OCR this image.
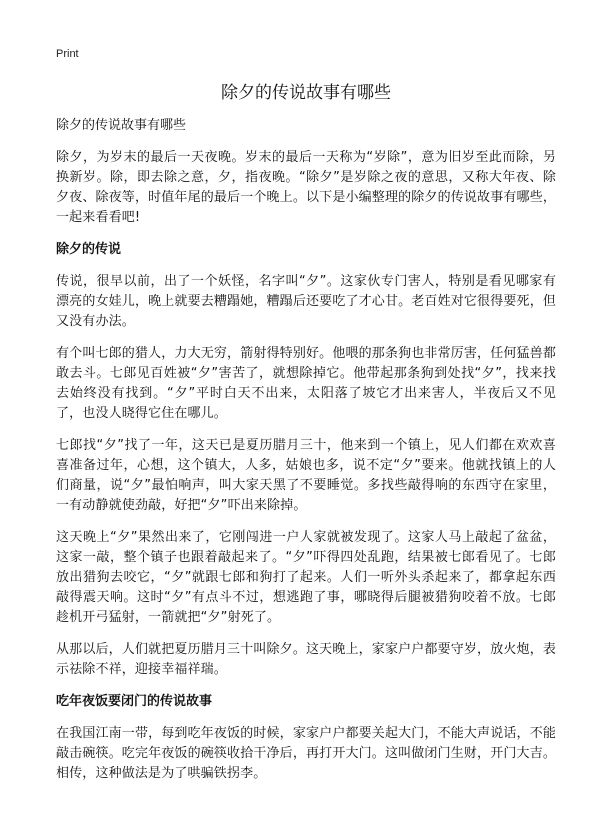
Print
除夕的传说故事有哪些
除夕的传说故事有哪些

除夕，为岁末的最后一天夜晚。岁末的最后一天称为“岁除”，意为旧岁至此而除，另换新岁。除，即去除之意，夕，指夜晚。“除夕”是岁除之夜的意思，又称大年夜、除夕夜、除夜等，时值年尾的最后一个晚上。以下是小编整理的除夕的传说故事有哪些，一起来看看吧!

除夕的传说

传说，很早以前，出了一个妖怪，名字叫“夕”。这家伙专门害人，特别是看见哪家有漂亮的女娃儿，晚上就要去糟蹋她，糟蹋后还要吃了才心甘。老百姓对它很得要死，但又没有办法。

有个叫七郎的猎人，力大无穷，箭射得特别好。他喂的那条狗也非常厉害，任何猛兽都敢去斗。七郎见百姓被“夕”害苦了，就想除掉它。他带起那条狗到处找“夕”，找来找去始终没有找到。“夕”平时白天不出来，太阳落了坡它才出来害人，半夜后又不见了，也没人晓得它住在哪儿。

七郎找“夕”找了一年，这天已是夏历腊月三十，他来到一个镇上，见人们都在欢欢喜喜准备过年，心想，这个镇大，人多，姑娘也多，说不定“夕”要来。他就找镇上的人们商量，说“夕”最怕响声，叫大家天黑了不要睡觉。多找些敲得响的东西守在家里，一有动静就使劲敲，好把“夕”吓出来除掉。

这天晚上“夕”果然出来了，它刚闯进一户人家就被发现了。这家人马上敲起了盆盆，这家一敲，整个镇子也跟着敲起来了。“夕”吓得四处乱跑，结果被七郎看见了。七郎放出猎狗去咬它，“夕”就跟七郎和狗打了起来。人们一听外头杀起来了，都拿起东西敲得震天响。这时“夕”有点斗不过，想逃跑了事，哪晓得后腿被猎狗咬着不放。七郎趁机开弓猛射，一箭就把“夕”射死了。

从那以后，人们就把夏历腊月三十叫除夕。这天晚上，家家户户都要守岁，放火炮，表示祛除不祥，迎接幸福祥瑞。

吃年夜饭要闭门的传说故事

在我国江南一带，每到吃年夜饭的时候，家家户户都要关起大门，不能大声说话，不能敲击碗筷。吃完年夜饭的碗筷收拾干净后，再打开大门。这叫做闭门生财，开门大吉。相传，这种做法是为了哄骗铁拐李。
